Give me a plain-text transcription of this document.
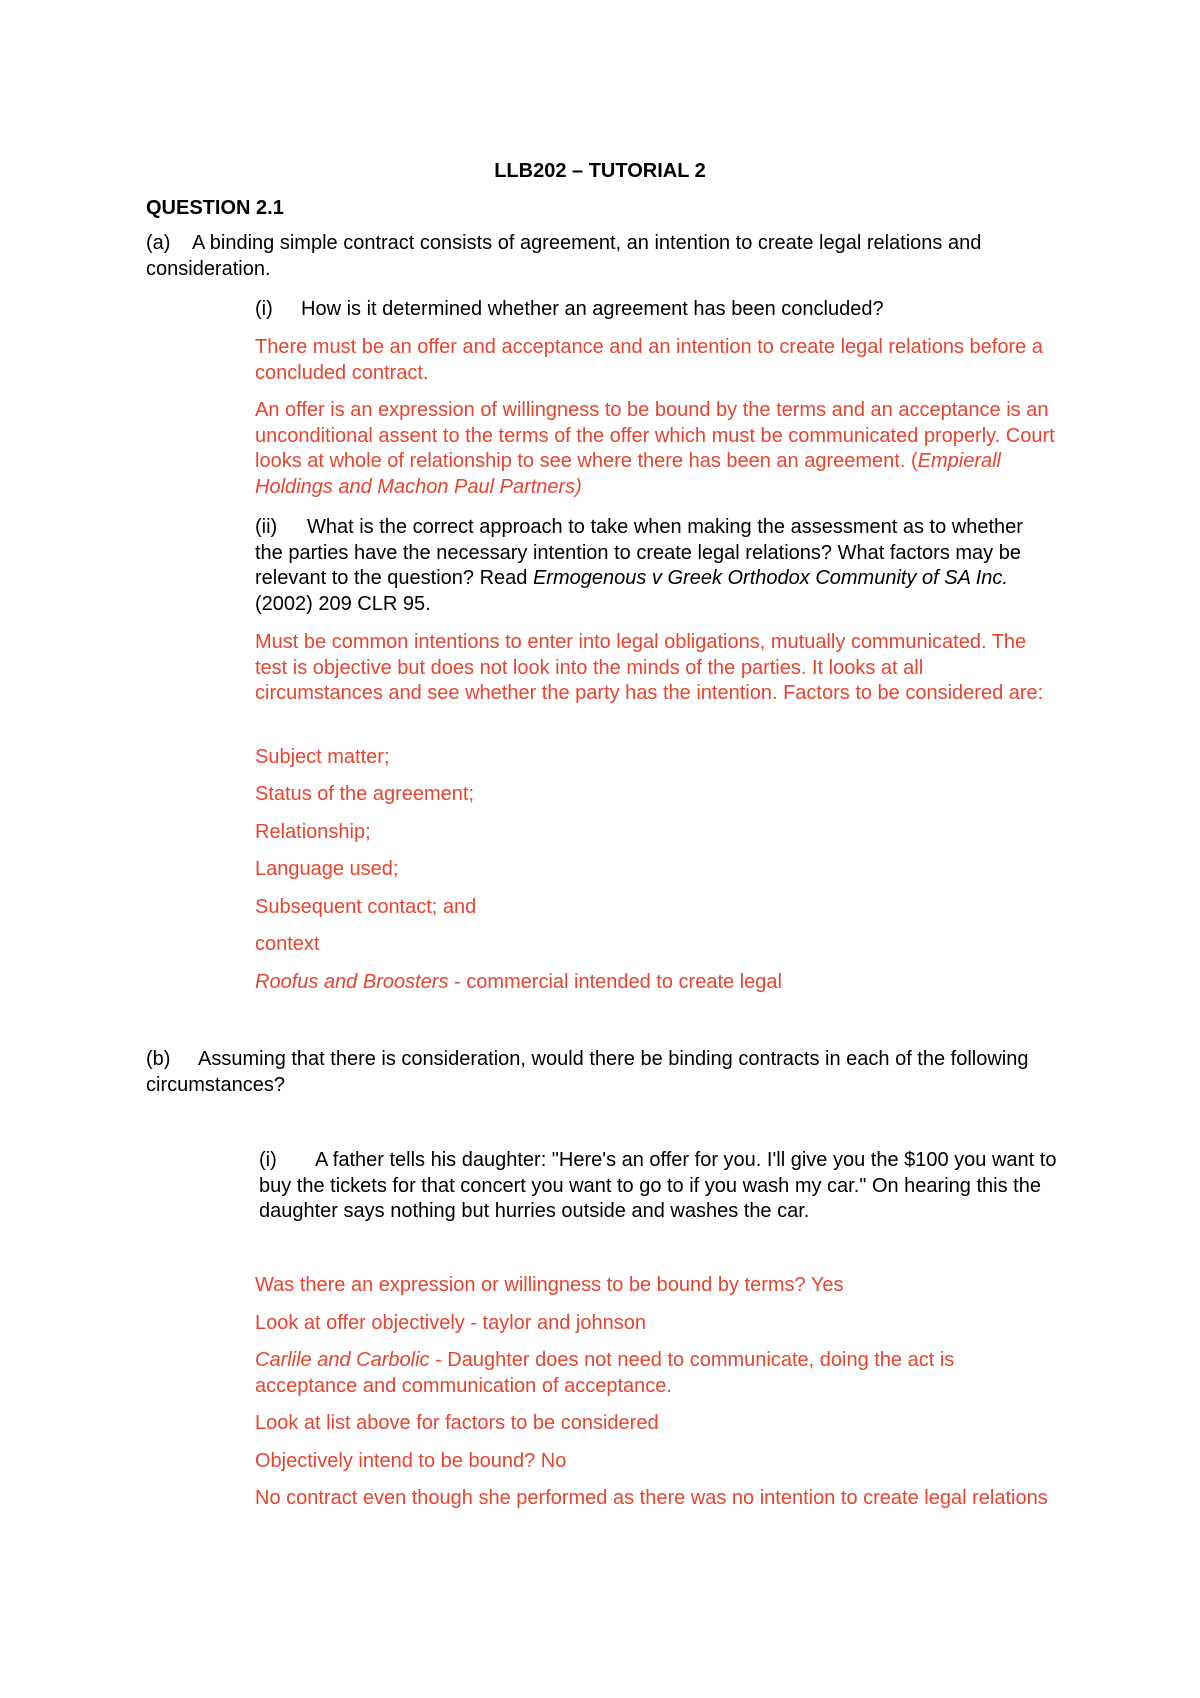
LLB202 – TUTORIAL 2
QUESTION 2.1
(a) A binding simple contract consists of agreement, an intention to create legal relations and consideration.
(i) How is it determined whether an agreement has been concluded?
There must be an offer and acceptance and an intention to create legal relations before a concluded contract.
An offer is an expression of willingness to be bound by the terms and an acceptance is an unconditional assent to the terms of the offer which must be communicated properly. Court looks at whole of relationship to see where there has been an agreement. (Empierall Holdings and Machon Paul Partners)
(ii) What is the correct approach to take when making the assessment as to whether the parties have the necessary intention to create legal relations? What factors may be relevant to the question? Read Ermogenous v Greek Orthodox Community of SA Inc. (2002) 209 CLR 95.
Must be common intentions to enter into legal obligations, mutually communicated. The test is objective but does not look into the minds of the parties. It looks at all circumstances and see whether the party has the intention. Factors to be considered are:
Subject matter;
Status of the agreement;
Relationship;
Language used;
Subsequent contact; and
context
Roofus and Broosters - commercial intended to create legal
(b) Assuming that there is consideration, would there be binding contracts in each of the following circumstances?
(i) A father tells his daughter: "Here's an offer for you. I'll give you the $100 you want to buy the tickets for that concert you want to go to if you wash my car." On hearing this the daughter says nothing but hurries outside and washes the car.
Was there an expression or willingness to be bound by terms? Yes
Look at offer objectively - taylor and johnson
Carlile and Carbolic - Daughter does not need to communicate, doing the act is acceptance and communication of acceptance.
Look at list above for factors to be considered
Objectively intend to be bound? No
No contract even though she performed as there was no intention to create legal relations
